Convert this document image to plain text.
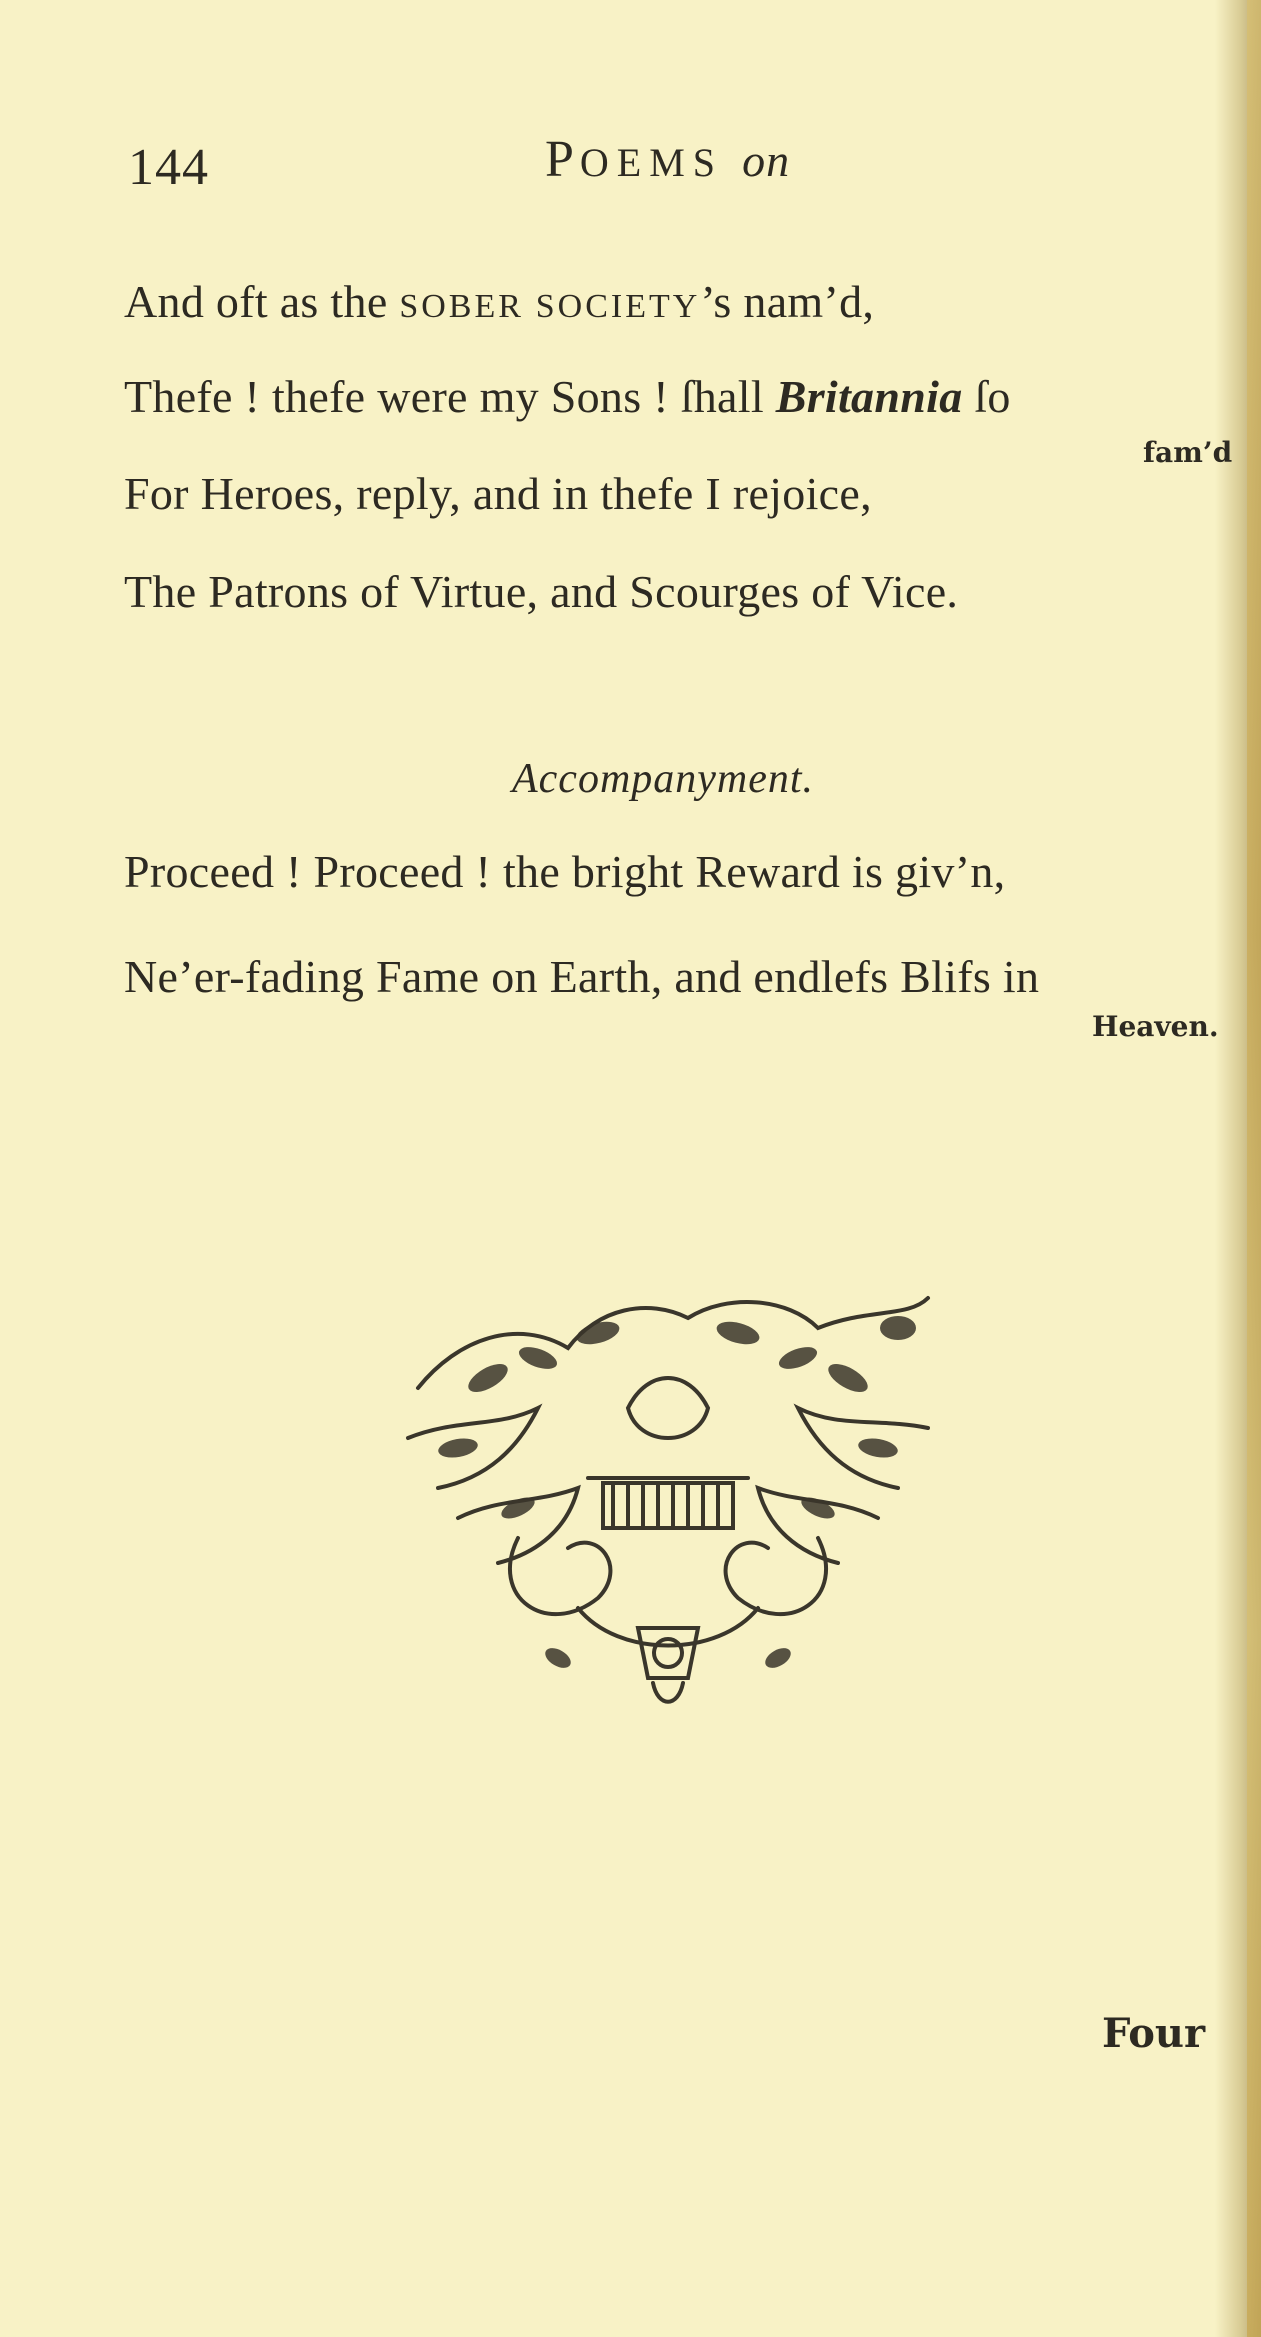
144	POEMS on
And oft as the SOBER SOCIETY’s nam’d,
Thefe ! thefe were my Sons ! ſhall Britannia ſo
fam’d
For Heroes, reply, and in thefe I rejoice,
The Patrons of Virtue, and Scourges of Vice.
Accompanyment.
Proceed ! Proceed ! the bright Reward is giv’n,
Ne’er-fading Fame on Earth, and endlefs Blifs in
Heaven.
Four
